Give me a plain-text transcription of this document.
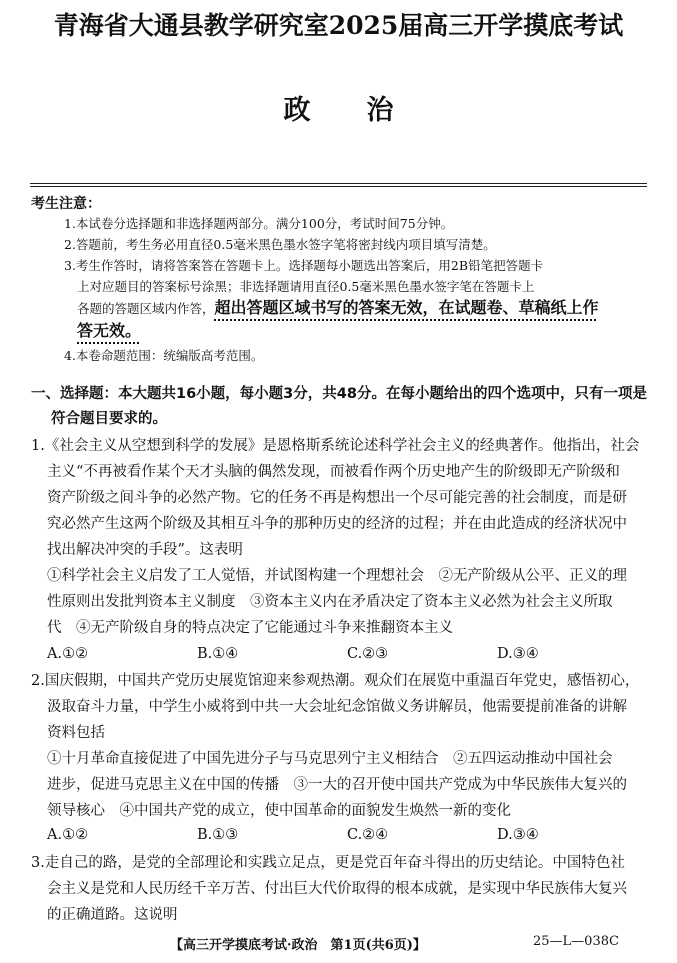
青海省大通县教学研究室2025届高三开学摸底考试
政治
考生注意：
1.本试卷分选择题和非选择题两部分。满分100分，考试时间75分钟。
2.答题前，考生务必用直径0.5毫米黑色墨水签字笔将密封线内项目填写清楚。
3.考生作答时，请将答案答在答题卡上。选择题每小题选出答案后，用2B铅笔把答题卡
上对应题目的答案标号涂黑；非选择题请用直径0.5毫米黑色墨水签字笔在答题卡上
各题的答题区域内作答，超出答题区域书写的答案无效，在试题卷、草稿纸上作
答无效。
4.本卷命题范围：统编版高考范围。
一、选择题：本大题共16小题，每小题3分，共48分。在每小题给出的四个选项中，只有一项是
符合题目要求的。
1.《社会主义从空想到科学的发展》是恩格斯系统论述科学社会主义的经典著作。他指出，社会
主义“不再被看作某个天才头脑的偶然发现，而被看作两个历史地产生的阶级即无产阶级和
资产阶级之间斗争的必然产物。它的任务不再是构想出一个尽可能完善的社会制度，而是研
究必然产生这两个阶级及其相互斗争的那种历史的经济的过程；并在由此造成的经济状况中
找出解决冲突的手段”。这表明
①科学社会主义启发了工人觉悟，并试图构建一个理想社会　②无产阶级从公平、正义的理
性原则出发批判资本主义制度　③资本主义内在矛盾决定了资本主义必然为社会主义所取
代　④无产阶级自身的特点决定了它能通过斗争来推翻资本主义
A.①②	B.①④	C.②③	D.③④
2.国庆假期，中国共产党历史展览馆迎来参观热潮。观众们在展览中重温百年党史，感悟初心，
汲取奋斗力量，中学生小威将到中共一大会址纪念馆做义务讲解员，他需要提前准备的讲解
资料包括
①十月革命直接促进了中国先进分子与马克思列宁主义相结合　②五四运动推动中国社会
进步，促进马克思主义在中国的传播　③一大的召开使中国共产党成为中华民族伟大复兴的
领导核心　④中国共产党的成立，使中国革命的面貌发生焕然一新的变化
A.①②	B.①③	C.②④	D.③④
3.走自己的路，是党的全部理论和实践立足点，更是党百年奋斗得出的历史结论。中国特色社
会主义是党和人民历经千辛万苦、付出巨大代价取得的根本成就，是实现中华民族伟大复兴
的正确道路。这说明
【高三开学摸底考试·政治　第1页(共6页)】	25—L—038C
